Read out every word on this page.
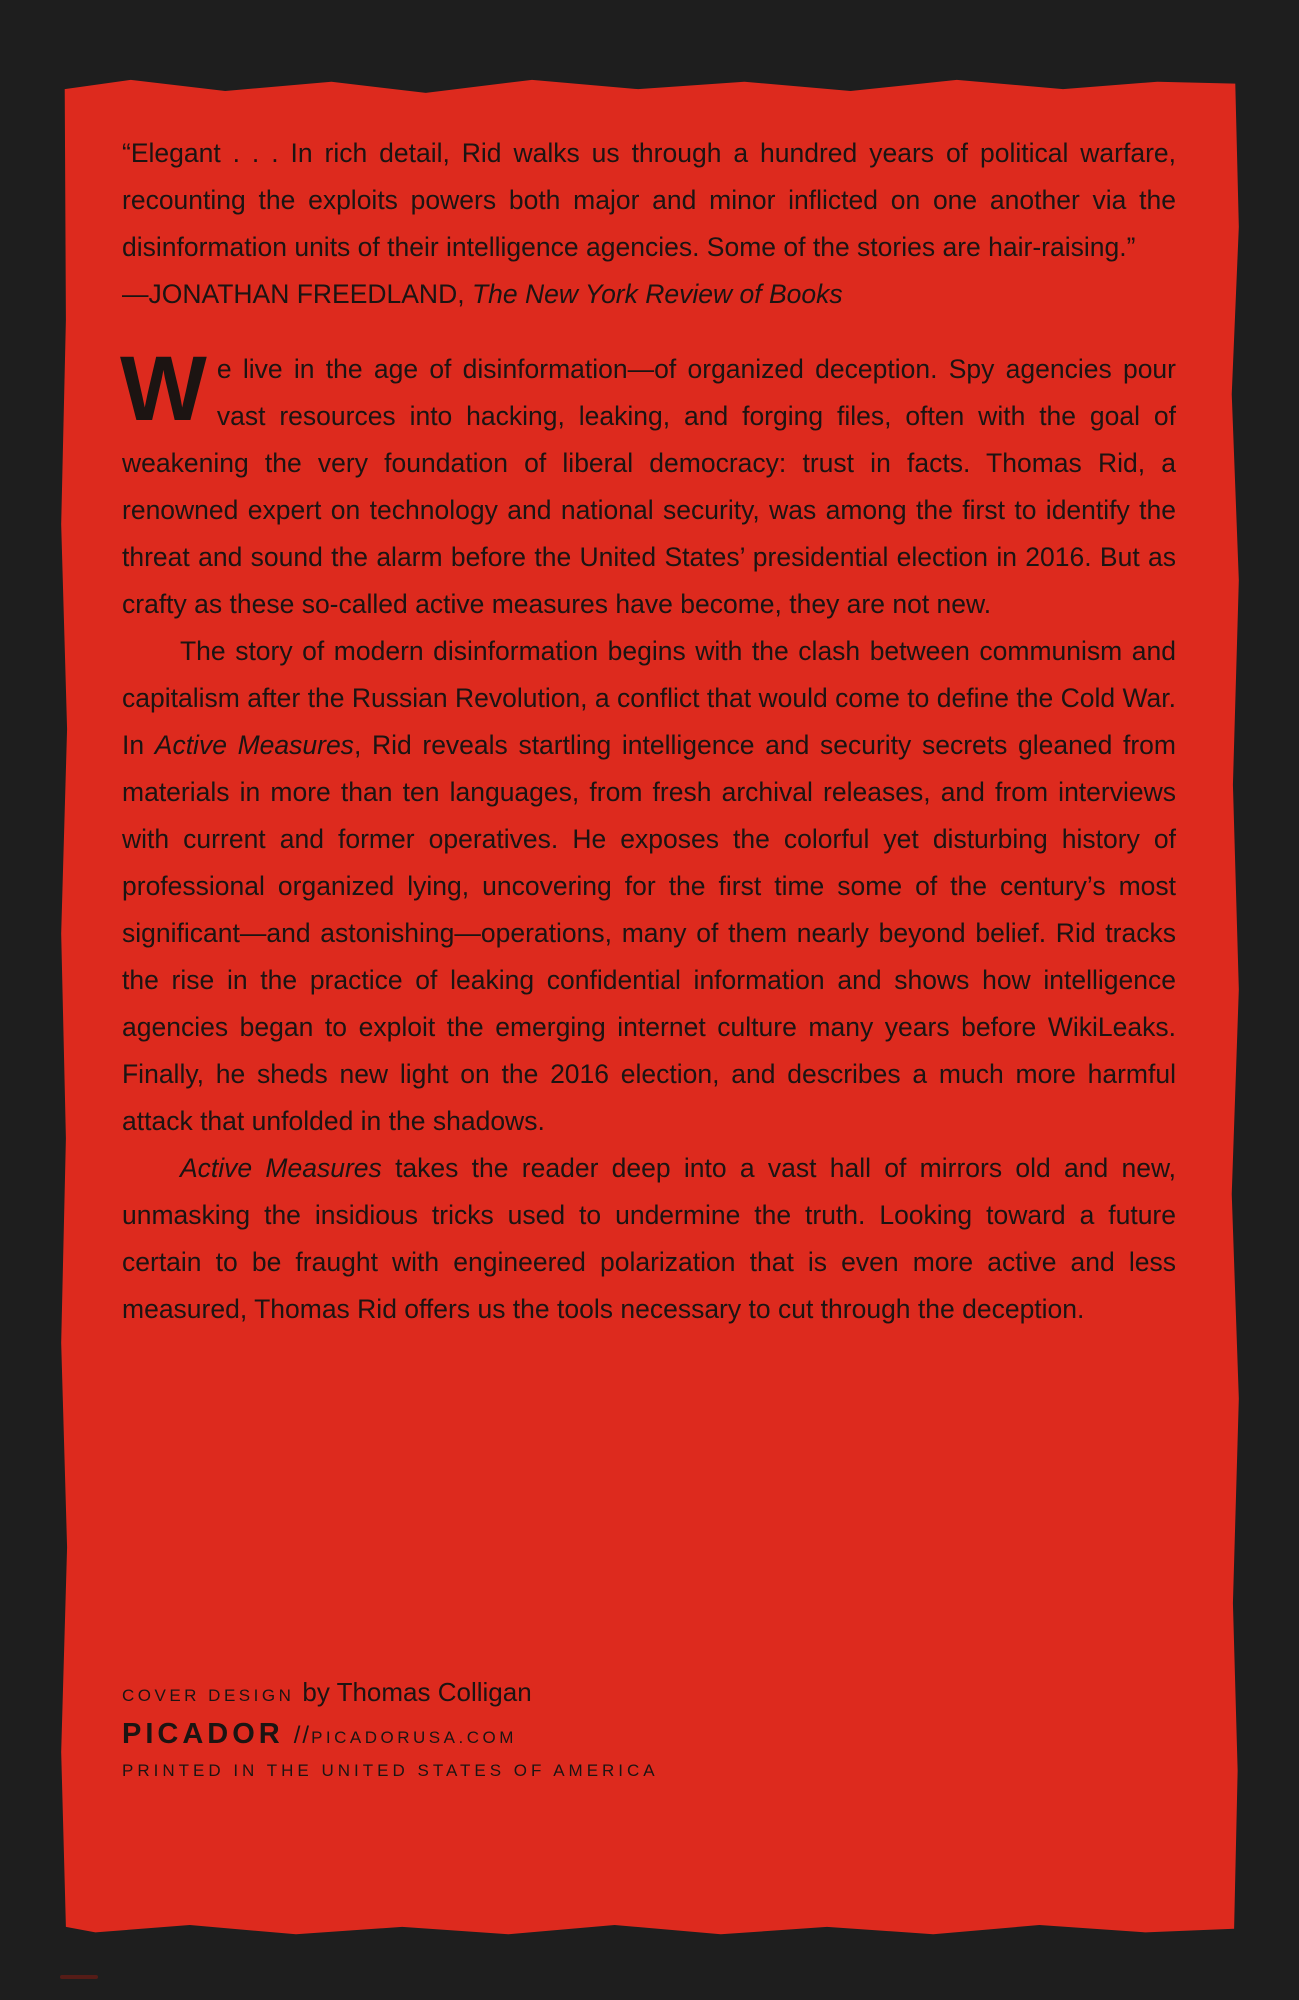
“Elegant . . . In rich detail, Rid walks us through a hundred years of political warfare, recounting the exploits powers both major and minor inflicted on one another via the disinformation units of their intelligence agencies. Some of the stories are hair-raising.”

—JONATHAN FREEDLAND, The New York Review of Books

We live in the age of disinformation—of organized deception. Spy agencies pour vast resources into hacking, leaking, and forging files, often with the goal of weakening the very foundation of liberal democracy: trust in facts. Thomas Rid, a renowned expert on technology and national security, was among the first to identify the threat and sound the alarm before the United States’ presidential election in 2016. But as crafty as these so-called active measures have become, they are not new.

The story of modern disinformation begins with the clash between communism and capitalism after the Russian Revolution, a conflict that would come to define the Cold War. In Active Measures, Rid reveals startling intelligence and security secrets gleaned from materials in more than ten languages, from fresh archival releases, and from interviews with current and former operatives. He exposes the colorful yet disturbing history of professional organized lying, uncovering for the first time some of the century’s most significant—and astonishing—operations, many of them nearly beyond belief. Rid tracks the rise in the practice of leaking confidential information and shows how intelligence agencies began to exploit the emerging internet culture many years before WikiLeaks. Finally, he sheds new light on the 2016 election, and describes a much more harmful attack that unfolded in the shadows.

Active Measures takes the reader deep into a vast hall of mirrors old and new, unmasking the insidious tricks used to undermine the truth. Looking toward a future certain to be fraught with engineered polarization that is even more active and less measured, Thomas Rid offers us the tools necessary to cut through the deception.

COVER DESIGN by Thomas Colligan
PICADOR //PICADORUSA.COM
PRINTED IN THE UNITED STATES OF AMERICA
